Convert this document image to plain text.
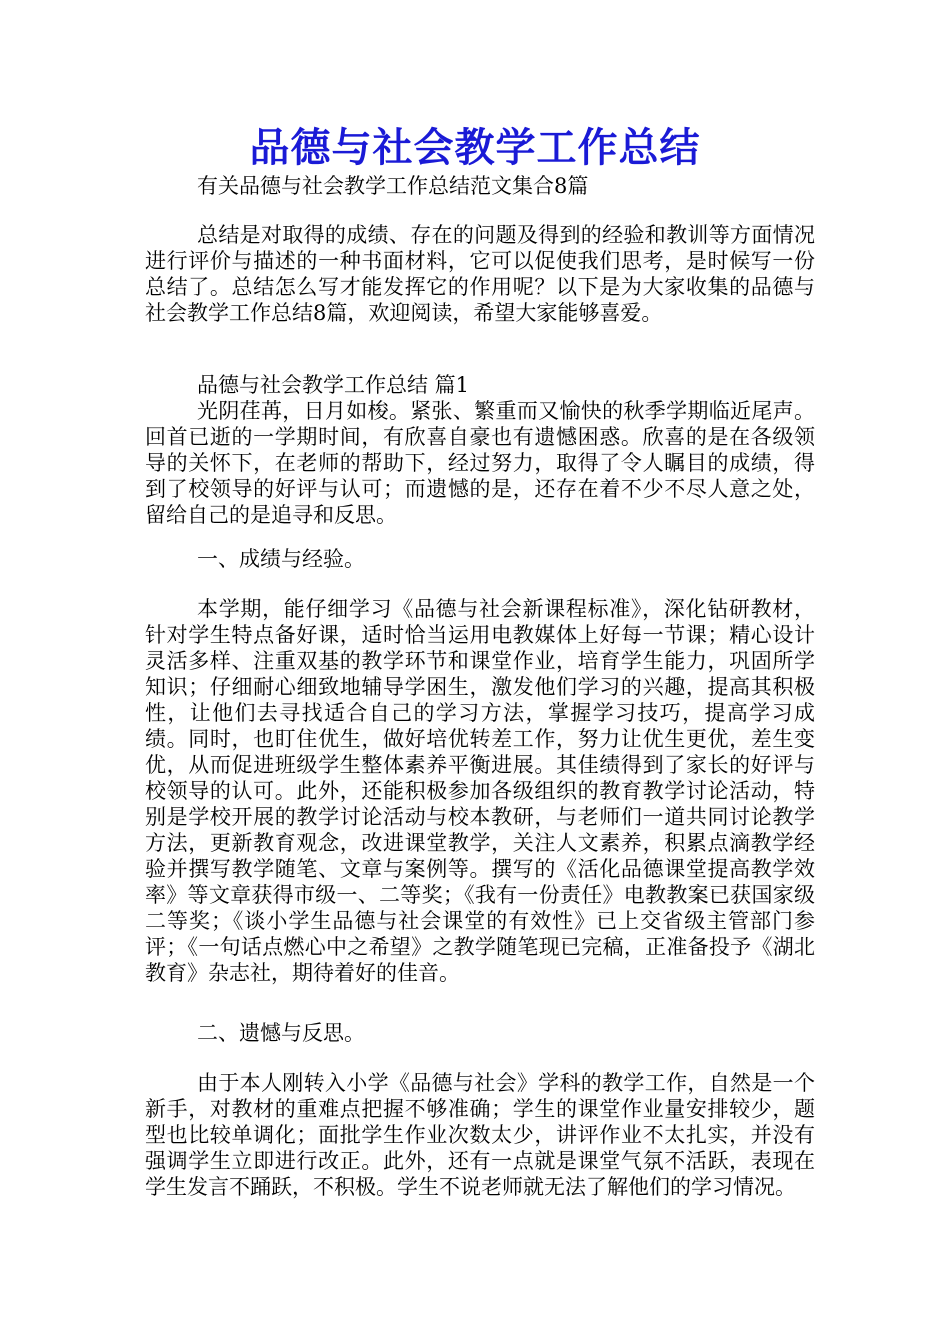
品德与社会教学工作总结

有关品德与社会教学工作总结范文集合8篇

总结是对取得的成绩、存在的问题及得到的经验和教训等方面情况进行评价与描述的一种书面材料，它可以促使我们思考，是时候写一份总结了。总结怎么写才能发挥它的作用呢？以下是为大家收集的品德与社会教学工作总结8篇，欢迎阅读，希望大家能够喜爱。

品德与社会教学工作总结 篇1

光阴荏苒，日月如梭。紧张、繁重而又愉快的秋季学期临近尾声。回首已逝的一学期时间，有欣喜自豪也有遗憾困惑。欣喜的是在各级领导的关怀下，在老师的帮助下，经过努力，取得了令人瞩目的成绩，得到了校领导的好评与认可；而遗憾的是，还存在着不少不尽人意之处，留给自己的是追寻和反思。

一、成绩与经验。

本学期，能仔细学习《品德与社会新课程标准》，深化钻研教材，针对学生特点备好课，适时恰当运用电教媒体上好每一节课；精心设计灵活多样、注重双基的教学环节和课堂作业，培育学生能力，巩固所学知识；仔细耐心细致地辅导学困生，激发他们学习的兴趣，提高其积极性，让他们去寻找适合自己的学习方法，掌握学习技巧，提高学习成绩。同时，也盯住优生，做好培优转差工作，努力让优生更优，差生变优，从而促进班级学生整体素养平衡进展。其佳绩得到了家长的好评与校领导的认可。此外，还能积极参加各级组织的教育教学讨论活动，特别是学校开展的教学讨论活动与校本教研，与老师们一道共同讨论教学方法，更新教育观念，改进课堂教学，关注人文素养，积累点滴教学经验并撰写教学随笔、文章与案例等。撰写的《活化品德课堂提高教学效率》等文章获得市级一、二等奖；《我有一份责任》电教教案已获国家级二等奖；《谈小学生品德与社会课堂的有效性》已上交省级主管部门参评；《一句话点燃心中之希望》之教学随笔现已完稿，正准备投予《湖北教育》杂志社，期待着好的佳音。

二、遗憾与反思。

由于本人刚转入小学《品德与社会》学科的教学工作，自然是一个新手，对教材的重难点把握不够准确；学生的课堂作业量安排较少，题型也比较单调化；面批学生作业次数太少，讲评作业不太扎实，并没有强调学生立即进行改正。此外，还有一点就是课堂气氛不活跃，表现在学生发言不踊跃，不积极。学生不说老师就无法了解他们的学习情况。
